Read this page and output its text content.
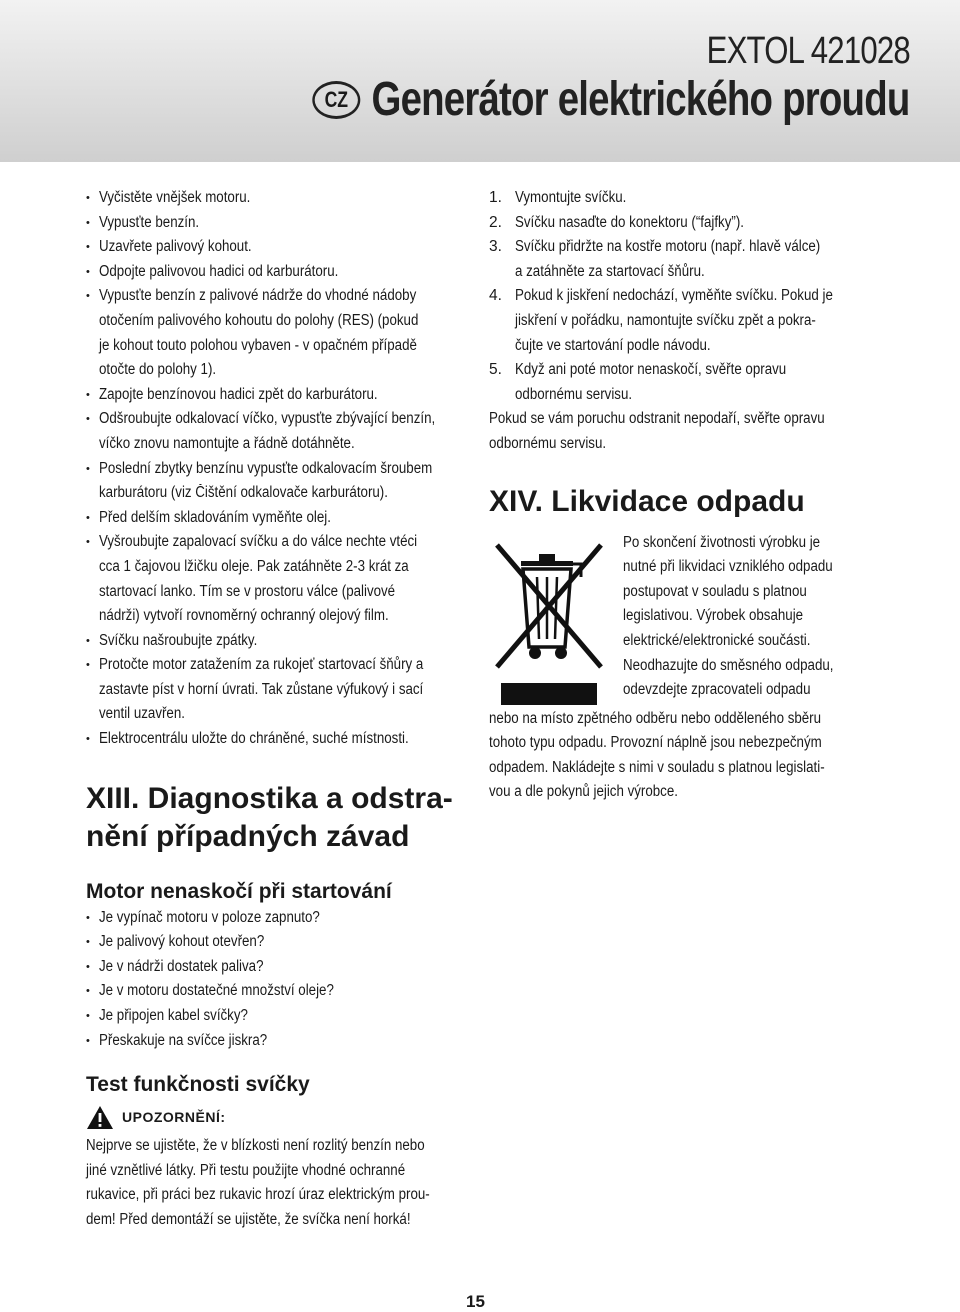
EXTOL 421028
CZ Generátor elektrického proudu
• Vyčistěte vnějšek motoru.
• Vypusťte benzín.
• Uzavřete palivový kohout.
• Odpojte palivovou hadici od karburátoru.
• Vypusťte benzín z palivové nádrže do vhodné nádoby
otočením palivového kohoutu do polohy (RES) (pokud
je kohout touto polohou vybaven - v opačném případě
otočte do polohy 1).
• Zapojte benzínovou hadici zpět do karburátoru.
• Odšroubujte odkalovací víčko, vypusťte zbývající benzín,
víčko znovu namontujte a řádně dotáhněte.
• Poslední zbytky benzínu vypusťte odkalovacím šroubem
karburátoru (viz Čištění odkalovače karburátoru).
• Před delším skladováním vyměňte olej.
• Vyšroubujte zapalovací svíčku a do válce nechte vtéci
cca 1 čajovou lžičku oleje. Pak zatáhněte 2-3 krát za
startovací lanko. Tím se v prostoru válce (palivové
nádrži) vytvoří rovnoměrný ochranný olejový film.
• Svíčku našroubujte zpátky.
• Protočte motor zatažením za rukojeť startovací šňůry a
zastavte píst v horní úvrati. Tak zůstane výfukový i sací
ventil uzavřen.
• Elektrocentrálu uložte do chráněné, suché místnosti.
XIII. Diagnostika a odstra-
nění případných závad
Motor nenaskočí při startování
• Je vypínač motoru v poloze zapnuto?
• Je palivový kohout otevřen?
• Je v nádrži dostatek paliva?
• Je v motoru dostatečné množství oleje?
• Je připojen kabel svíčky?
• Přeskakuje na svíčce jiskra?
Test funkčnosti svíčky
UPOZORNĚNÍ:
Nejprve se ujistěte, že v blízkosti není rozlitý benzín nebo
jiné vznětlivé látky. Při testu použijte vhodné ochranné
rukavice, při práci bez rukavic hrozí úraz elektrickým prou-
dem! Před demontáží se ujistěte, že svíčka není horká!
1. Vymontujte svíčku.
2. Svíčku nasaďte do konektoru (“fajfky”).
3. Svíčku přidržte na kostře motoru (např. hlavě válce)
a zatáhněte za startovací šňůru.
4. Pokud k jiskření nedochází, vyměňte svíčku. Pokud je
jiskření v pořádku, namontujte svíčku zpět a pokra-
čujte ve startování podle návodu.
5. Když ani poté motor nenaskočí, svěřte opravu
odbornému servisu.
Pokud se vám poruchu odstranit nepodaří, svěřte opravu
odbornému servisu.
XIV. Likvidace odpadu
Po skončení životnosti výrobku je
nutné při likvidaci vzniklého odpadu
postupovat v souladu s platnou
legislativou. Výrobek obsahuje
elektrické/elektronické součásti.
Neodhazujte do směsného odpadu,
odevzdejte zpracovateli odpadu
nebo na místo zpětného odběru nebo odděleného sběru
tohoto typu odpadu. Provozní náplně jsou nebezpečným
odpadem. Nakládejte s nimi v souladu s platnou legislati-
vou a dle pokynů jejich výrobce.
15
